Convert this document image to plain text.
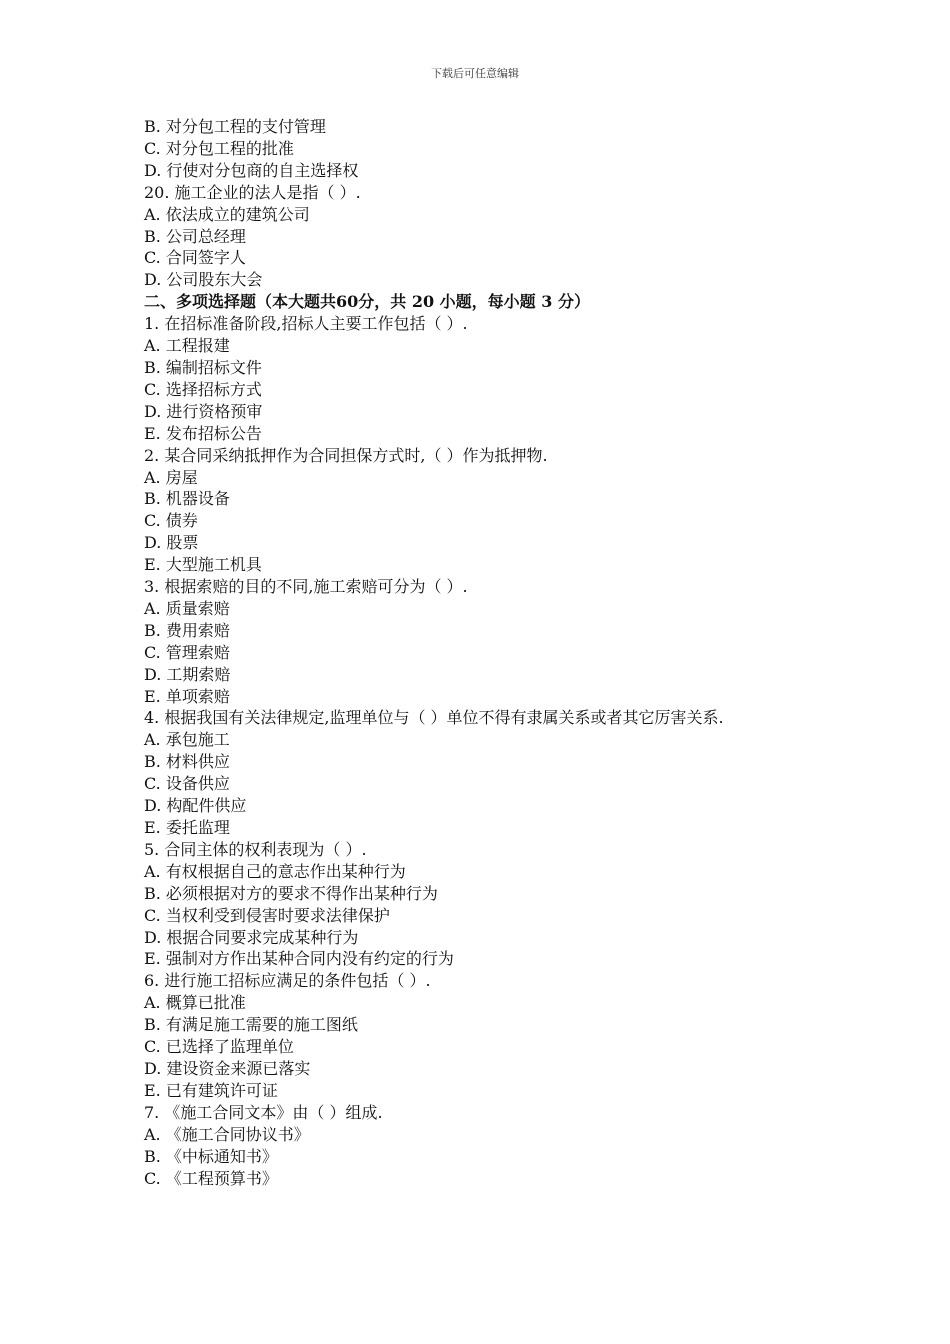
下载后可任意编辑
B. 对分包工程的支付管理
C. 对分包工程的批准
D. 行使对分包商的自主选择权
20. 施工企业的法人是指（ ）.
A. 依法成立的建筑公司
B. 公司总经理
C. 合同签字人
D. 公司股东大会
二、多项选择题（本大题共60分，共 20 小题，每小题 3 分）
1. 在招标准备阶段,招标人主要工作包括（ ）.
A. 工程报建
B. 编制招标文件
C. 选择招标方式
D. 进行资格预审
E. 发布招标公告
2. 某合同采纳抵押作为合同担保方式时,（ ）作为抵押物.
A. 房屋
B. 机器设备
C. 债券
D. 股票
E. 大型施工机具
3. 根据索赔的目的不同,施工索赔可分为（ ）.
A. 质量索赔
B. 费用索赔
C. 管理索赔
D. 工期索赔
E. 单项索赔
4. 根据我国有关法律规定,监理单位与（ ）单位不得有隶属关系或者其它厉害关系.
A. 承包施工
B. 材料供应
C. 设备供应
D. 构配件供应
E. 委托监理
5. 合同主体的权利表现为（ ）.
A. 有权根据自己的意志作出某种行为
B. 必须根据对方的要求不得作出某种行为
C. 当权利受到侵害时要求法律保护
D. 根据合同要求完成某种行为
E. 强制对方作出某种合同内没有约定的行为
6. 进行施工招标应满足的条件包括（ ）.
A. 概算已批准
B. 有满足施工需要的施工图纸
C. 已选择了监理单位
D. 建设资金来源已落实
E. 已有建筑许可证
7. 《施工合同文本》由（ ）组成.
A. 《施工合同协议书》
B. 《中标通知书》
C. 《工程预算书》
